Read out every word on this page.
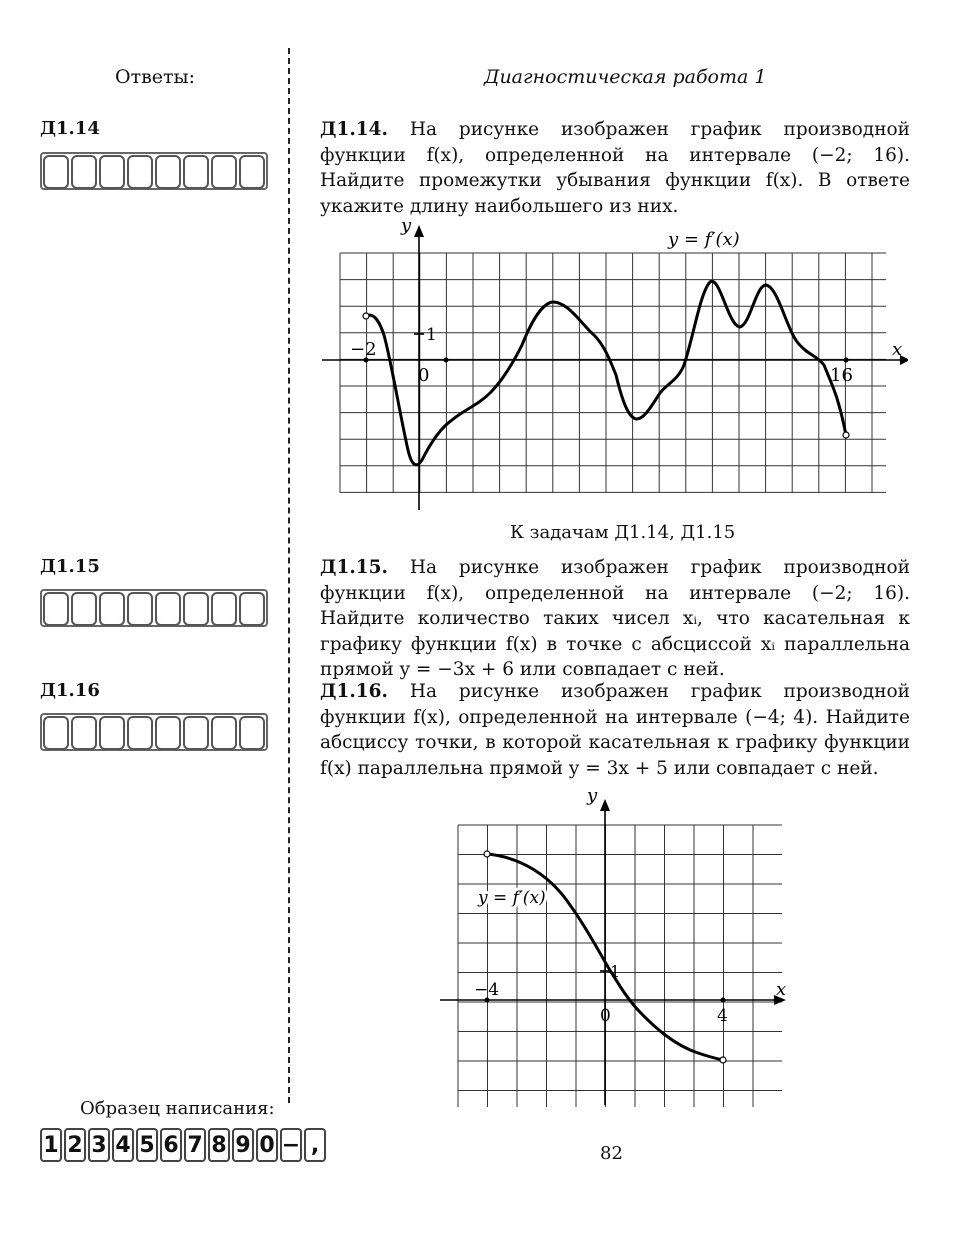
Ответы:	Диагностическая работа 1
Д1.14
Д1.15
Д1.16
Д1.14. На рисунке изображен график производной функции f(x), определенной на интервале (−2; 16). Найдите промежутки убывания функции f(x). В ответе укажите длину наибольшего из них.
−2
0	16
1
x
y
y = f′(x)
К задачам Д1.14, Д1.15
Д1.15. На рисунке изображен график производной функции f(x), определенной на интервале (−2; 16). Найдите количество таких чисел xᵢ, что касательная к графику функции f(x) в точке с абсциссой xᵢ параллельна прямой y = −3x + 6 или совпадает с ней.
Д1.16. На рисунке изображен график производной функции f(x), определенной на интервале (−4; 4). Найдите абсциссу точки, в которой касательная к графику функции f(x) параллельна прямой y = 3x + 5 или совпадает с ней.
−4
0	4
1
x
y
y = f′(x)
Образец написания:
1 2 3 4 5 6 7 8 9 0 − ,	82
